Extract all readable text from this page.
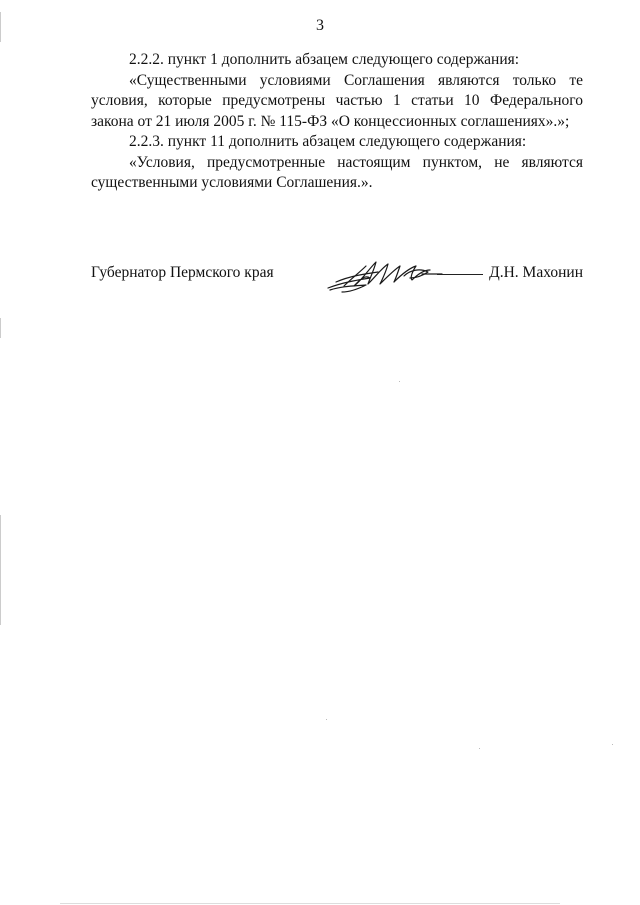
3

2.2.2. пункт 1 дополнить абзацем следующего содержания:

«Существенными условиями Соглашения являются только те условия, которые предусмотрены частью 1 статьи 10 Федерального закона от 21 июля 2005 г. № 115-ФЗ «О концессионных соглашениях».»;

2.2.3. пункт 11 дополнить абзацем следующего содержания:

«Условия, предусмотренные настоящим пунктом, не являются существенными условиями Соглашения.».

Губернатор Пермского края	Д.Н. Махонин
